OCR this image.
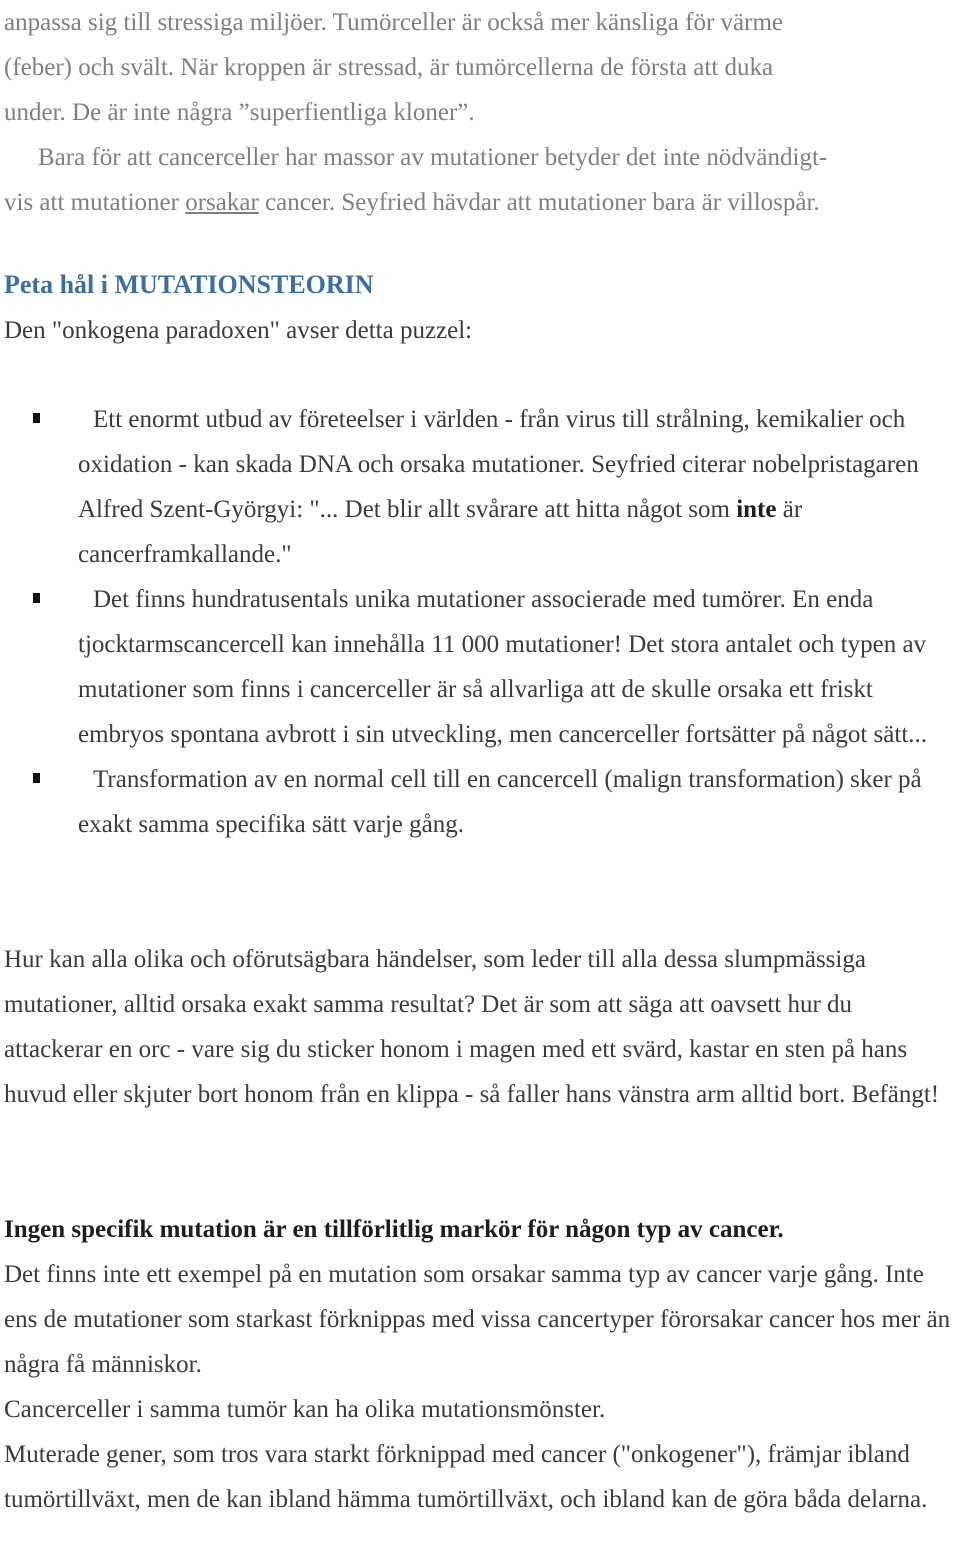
anpassa sig till stressiga miljöer. Tumörceller är också mer känsliga för värme

(feber) och svält. När kroppen är stressad, är tumörcellerna de första att duka

under. De är inte några ”superfientliga kloner”.

Bara för att cancerceller har massor av mutationer betyder det inte nödvändigt-

vis att mutationer orsakar cancer. Seyfried hävdar att mutationer bara är villospår.

Peta hål i MUTATIONSTEORIN

Den "onkogena paradoxen" avser detta puzzel:

Ett enormt utbud av företeelser i världen - från virus till strålning, kemikalier och oxidation - kan skada DNA och orsaka mutationer. Seyfried citerar nobelpristagaren Alfred Szent-Györgyi: "... Det blir allt svårare att hitta något som inte är cancerframkallande."
Det finns hundratusentals unika mutationer associerade med tumörer. En enda tjocktarmscancercell kan innehålla 11 000 mutationer! Det stora antalet och typen av mutationer som finns i cancerceller är så allvarliga att de skulle orsaka ett friskt embryos spontana avbrott i sin utveckling, men cancerceller fortsätter på något sätt...
Transformation av en normal cell till en cancercell (malign transformation) sker på exakt samma specifika sätt varje gång.

Hur kan alla olika och oförutsägbara händelser, som leder till alla dessa slumpmässiga mutationer, alltid orsaka exakt samma resultat? Det är som att säga att oavsett hur du attackerar en orc - vare sig du sticker honom i magen med ett svärd, kastar en sten på hans huvud eller skjuter bort honom från en klippa - så faller hans vänstra arm alltid bort. Befängt!

Ingen specifik mutation är en tillförlitlig markör för någon typ av cancer.

Det finns inte ett exempel på en mutation som orsakar samma typ av cancer varje gång. Inte ens de mutationer som starkast förknippas med vissa cancertyper förorsakar cancer hos mer än några få människor.
Cancerceller i samma tumör kan ha olika mutationsmönster.
Muterade gener, som tros vara starkt förknippad med cancer ("onkogener"), främjar ibland tumörtillväxt, men de kan ibland hämma tumörtillväxt, och ibland kan de göra båda delarna.
